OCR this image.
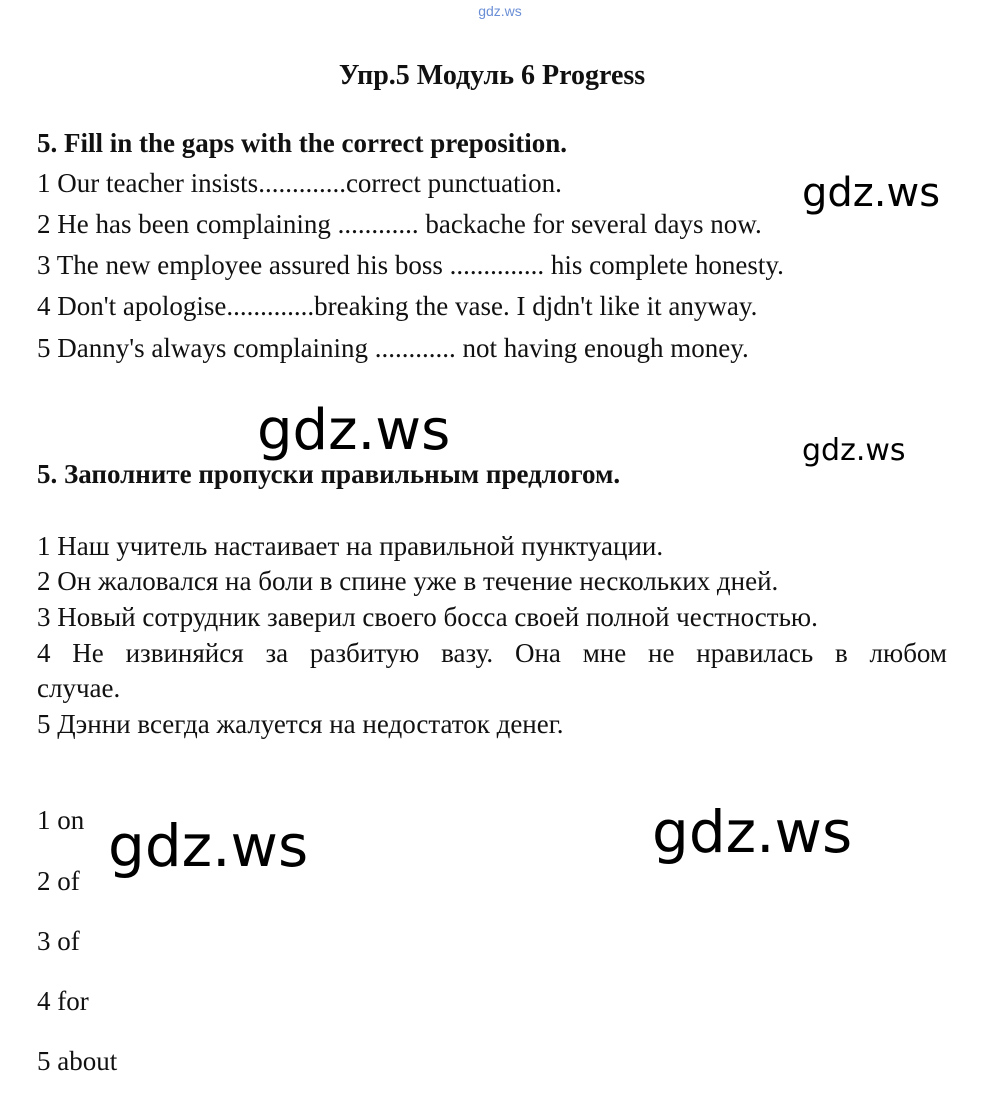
gdz.ws
Упр.5 Модуль 6 Progress
5. Fill in the gaps with the correct preposition.
1 Our teacher insists.............correct punctuation.
2 He has been complaining ............ backache for several days now.
3 The new employee assured his boss .............. his complete honesty.
4 Don't apologise.............breaking the vase. I djdn't like it anyway.
5 Danny's always complaining ............ not having enough money.
5. Заполните пропуски правильным предлогом.
1 Наш учитель настаивает на правильной пунктуации.
2 Он жаловался на боли в спине уже в течение нескольких дней.
3 Новый сотрудник заверил своего босса своей полной честностью.
4 Не извиняйся за разбитую вазу. Она мне не нравилась в любом
случае.
5 Дэнни всегда жалуется на недостаток денег.
1 on
2 of
3 of
4 for
5 about
gdz.ws
gdz.ws	gdz.ws
gdz.ws	gdz.ws
